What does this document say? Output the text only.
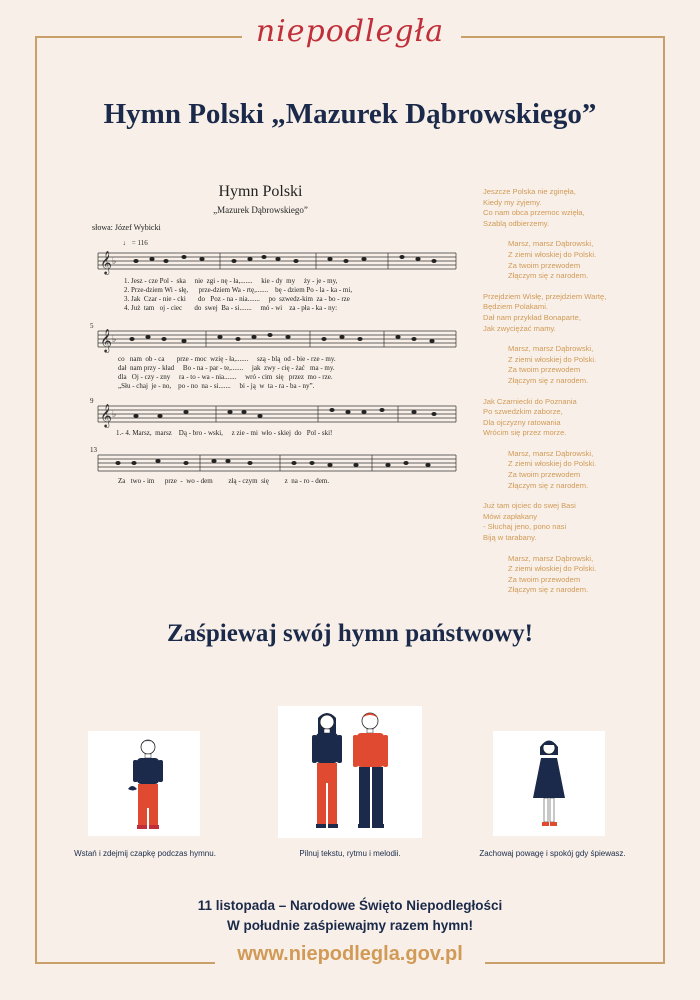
niepodległa
Hymn Polski „Mazurek Dąbrowskiego”
Hymn Polski
„Mazurek Dąbrowskiego”
słowa: Józef Wybicki
♩ = 116
𝄞 ♭
1. Jesz - cze Pol -  ska     nie  zgi - nę - ła,.......     kie - dy  my     ży - je - my,
2. Prze-dziem Wi - słę,      prze-dziem Wa - rtę,.......    bę - dziem Po - la - ka - mi,
3. Jak  Czar - nie - cki       do   Poz - na - nia.......     po  szwedz-kim  za - bo - rze
4. Już  tam   oj - ciec       do  swej  Ba - si.......     mó - wi    za - pła - ka - ny:
5
𝄞 ♭
co   nam  ob - ca       prze - moc  wzię - ła,.......     szą - blą  od - bie - rze - my.
dał  nam przy - kład     Bo - na - par - te,.......     jak  zwy - cię - żać   ma - my.
dla   Oj - czy - zny     ra - to - wa - nia.......     wró - cim  się   przez  mo - rze.
„Słu - chaj  je - no,    po - no  na - si.......     bi - ją  w  ta - ra - ba - ny”.
9
𝄞 ♭
1.- 4. Marsz,  marsz    Dą - bro - wski,     z zie - mi  wło - skiej  do   Pol - ski!
13
Za   two - im      prze  -  wo - dem         złą - czym  się         z  na - ro - dem.
Jeszcze Polska nie zginęła,
Kiedy my żyjemy.
Co nam obca przemoc wzięła,
Szablą odbierzemy.
Marsz, marsz Dąbrowski,
Z ziemi włoskiej do Polski.
Za twoim przewodem
Złączym się z narodem.
Przejdziem Wisłę, przejdziem Wartę,
Będziem Polakami.
Dał nam przykład Bonaparte,
Jak zwyciężać mamy.
Marsz, marsz Dąbrowski,
Z ziemi włoskiej do Polski.
Za twoim przewodem
Złączym się z narodem.
Jak Czarniecki do Poznania
Po szwedzkim zaborze,
Dla ojczyzny ratowania
Wrócim się przez morze.
Marsz, marsz Dąbrowski,
Z ziemi włoskiej do Polski.
Za twoim przewodem
Złączym się z narodem.
Już tam ojciec do swej Basi
Mówi zapłakany
- Słuchaj jeno, pono nasi
Biją w tarabany.
Marsz, marsz Dąbrowski,
Z ziemi włoskiej do Polski.
Za twoim przewodem
Złączym się z narodem.
Zaśpiewaj swój hymn państwowy!
Wstań i zdejmij czapkę podczas hymnu.	Pilnuj tekstu, rytmu i melodii.	Zachowaj powagę i spokój gdy śpiewasz.
11 listopada – Narodowe Święto Niepodległości
W południe zaśpiewajmy razem hymn!
www.niepodlegla.gov.pl
